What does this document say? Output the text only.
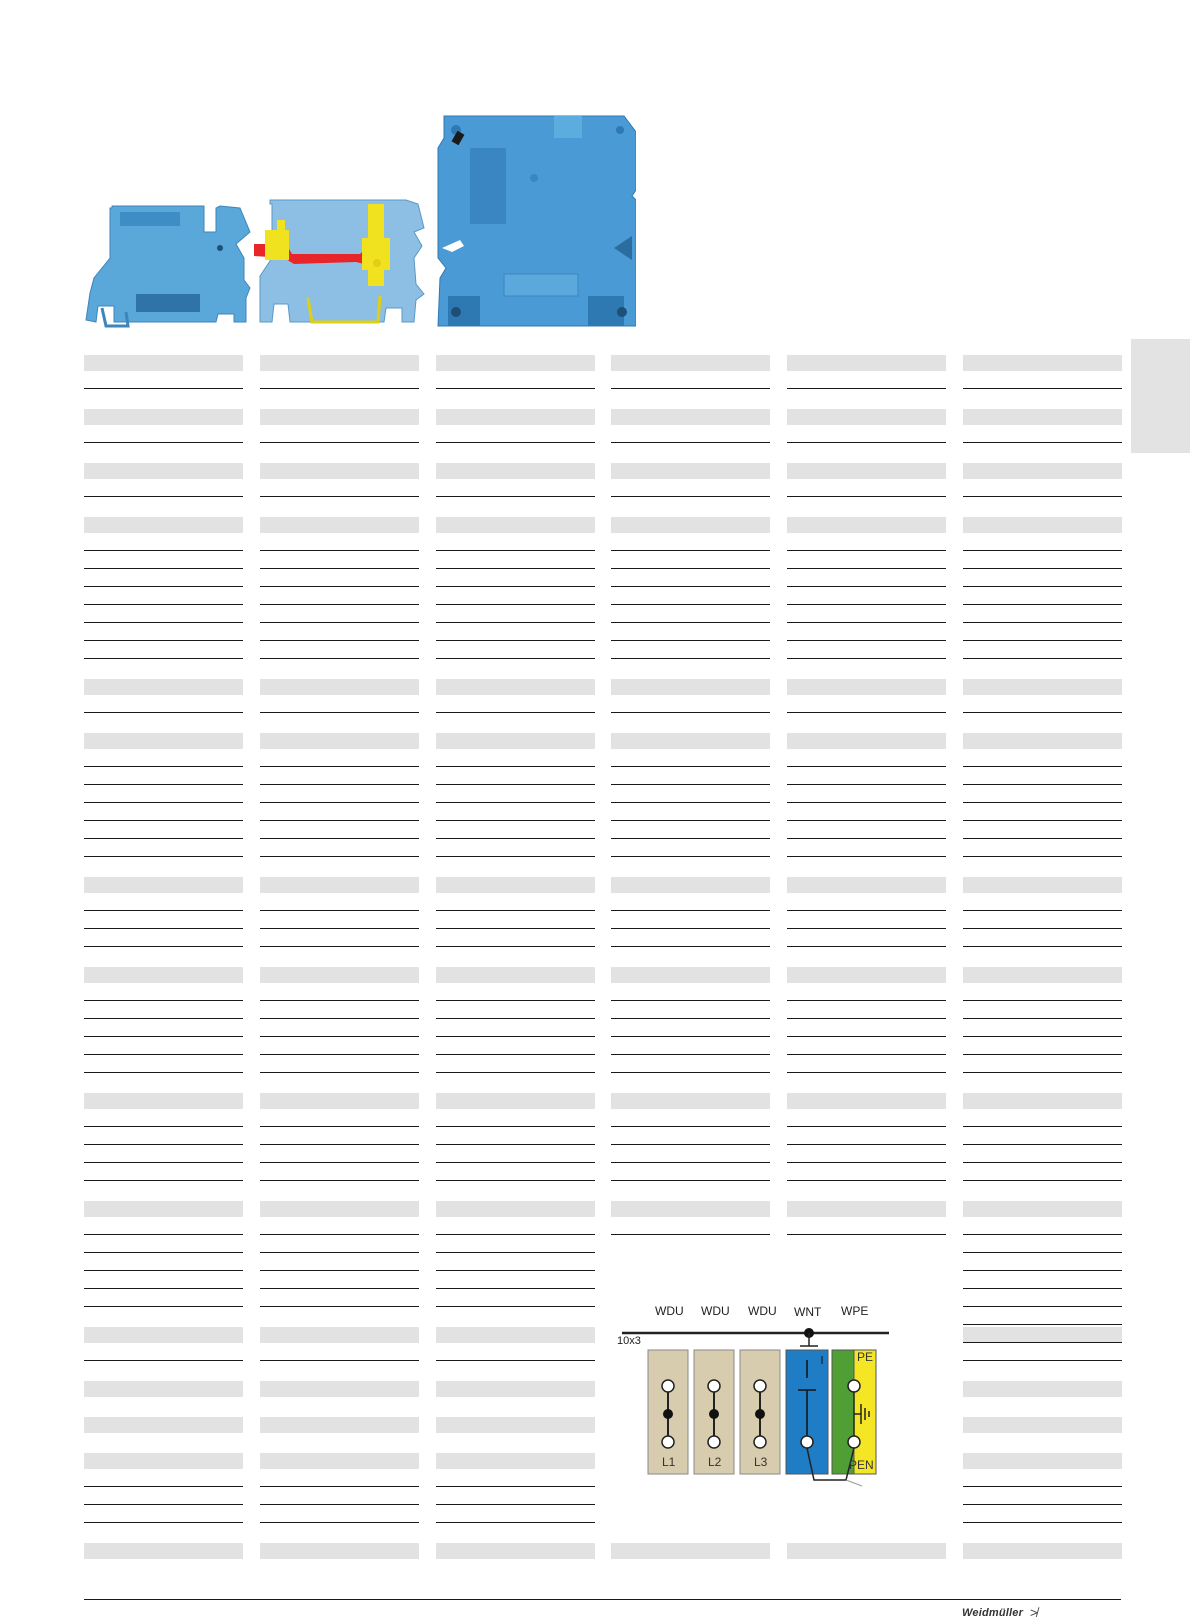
WDU WDU WDU WNT WPE
10x3
L1	L2	L3
PE
PEN
Weidmüller ≯
